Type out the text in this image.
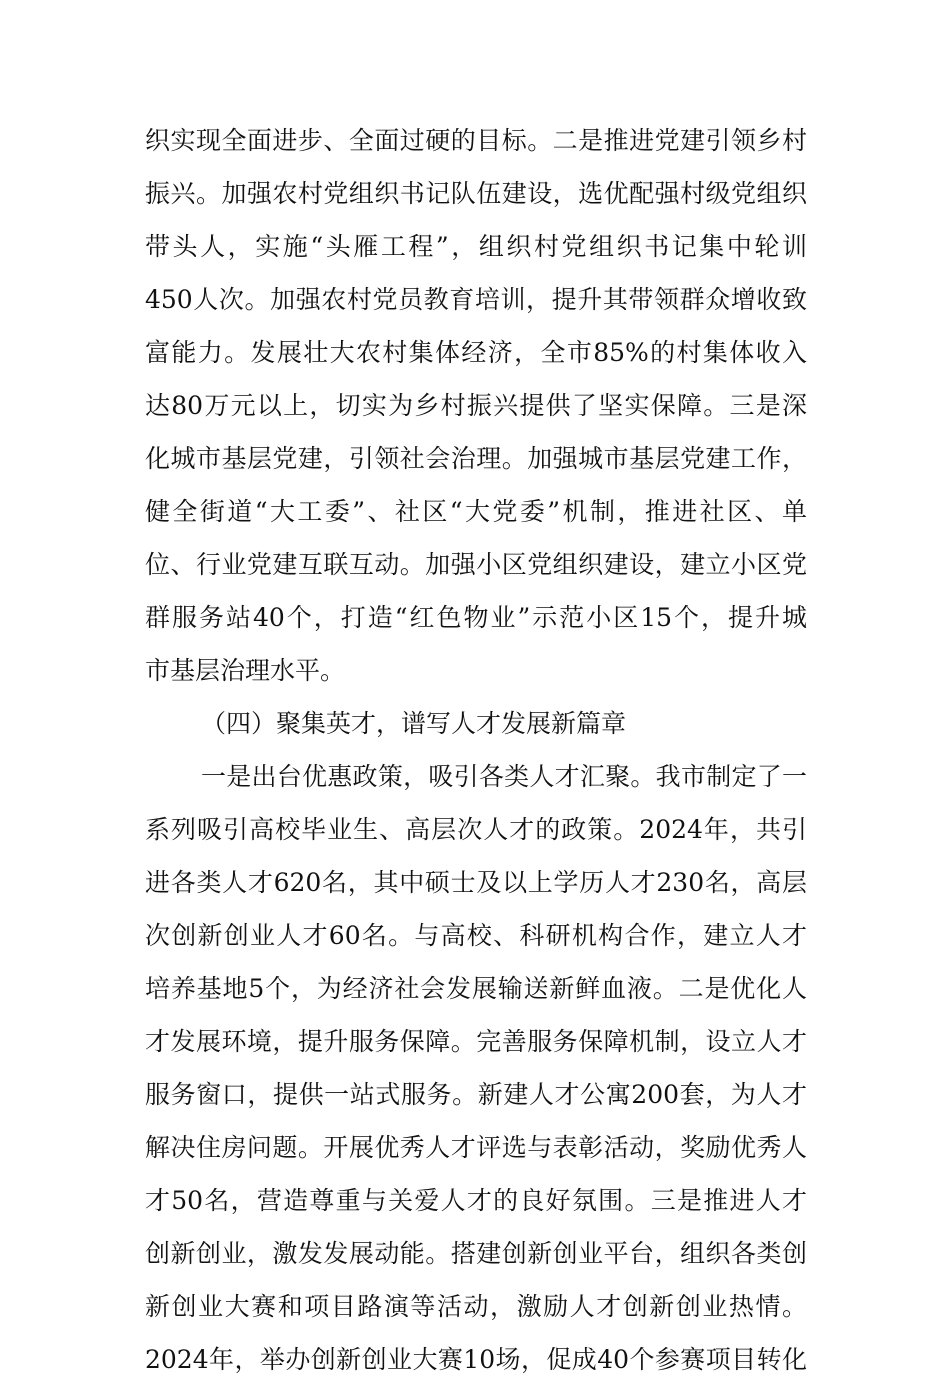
织实现全面进步、全面过硬的目标。二是推进党建引领乡村
振兴。加强农村党组织书记队伍建设，选优配强村级党组织
带头人，实施“头雁工程”，组织村党组织书记集中轮训
450人次。加强农村党员教育培训，提升其带领群众增收致
富能力。发展壮大农村集体经济，全市85%的村集体收入
达80万元以上，切实为乡村振兴提供了坚实保障。三是深
化城市基层党建，引领社会治理。加强城市基层党建工作，
健全街道“大工委”、社区“大党委”机制，推进社区、单
位、行业党建互联互动。加强小区党组织建设，建立小区党
群服务站40个，打造“红色物业”示范小区15个，提升城
市基层治理水平。
（四）聚集英才，谱写人才发展新篇章
一是出台优惠政策，吸引各类人才汇聚。我市制定了一
系列吸引高校毕业生、高层次人才的政策。2024年，共引
进各类人才620名，其中硕士及以上学历人才230名，高层
次创新创业人才60名。与高校、科研机构合作，建立人才
培养基地5个，为经济社会发展输送新鲜血液。二是优化人
才发展环境，提升服务保障。完善服务保障机制，设立人才
服务窗口，提供一站式服务。新建人才公寓200套，为人才
解决住房问题。开展优秀人才评选与表彰活动，奖励优秀人
才50名，营造尊重与关爱人才的良好氛围。三是推进人才
创新创业，激发发展动能。搭建创新创业平台，组织各类创
新创业大赛和项目路演等活动，激励人才创新创业热情。
2024年，举办创新创业大赛10场，促成40个参赛项目转化
